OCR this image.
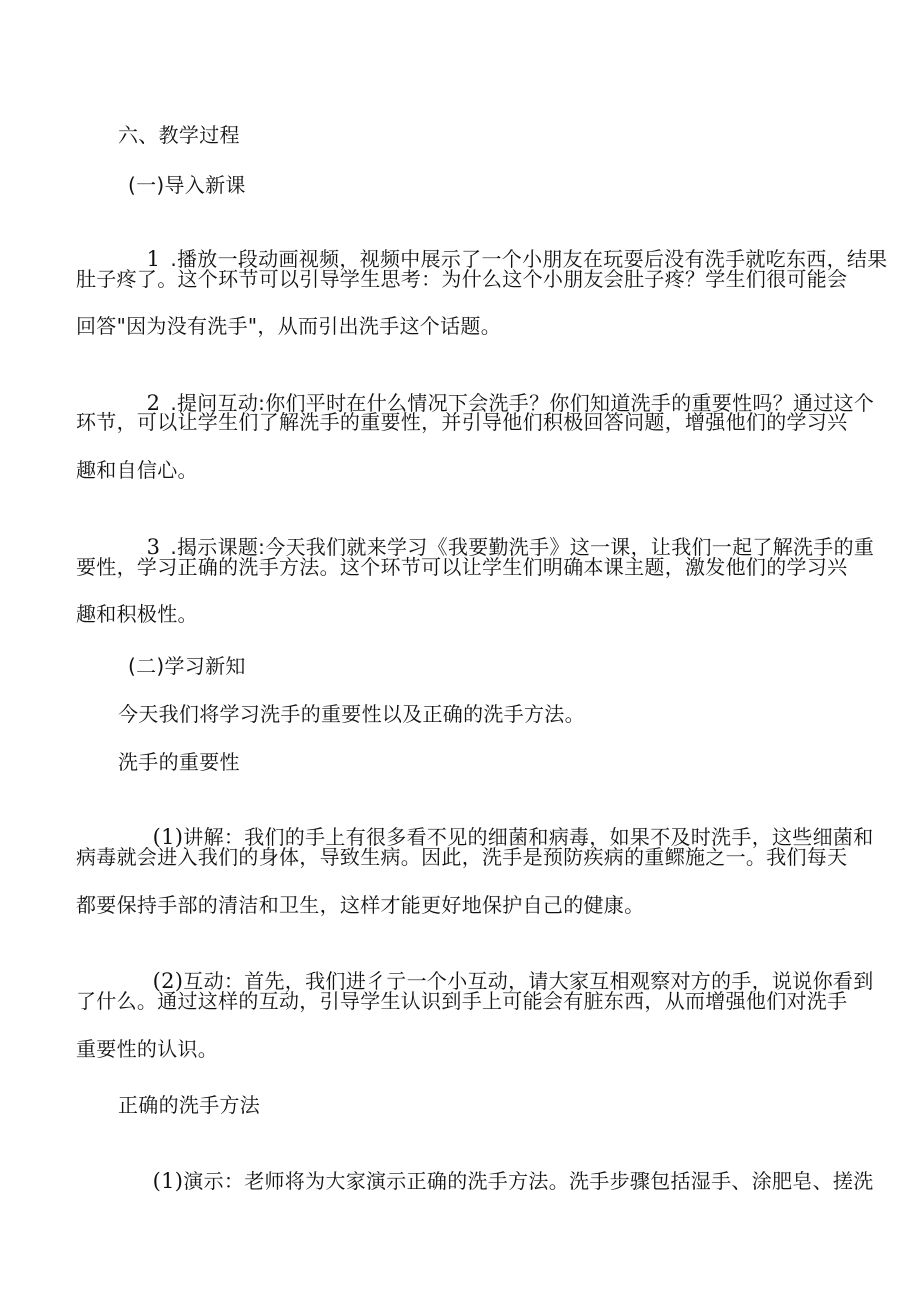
六、教学过程
(一)导入新课

1 .播放一段动画视频，视频中展示了一个小朋友在玩耍后没有洗手就吃东西，结果

肚子疼了。这个环节可以引导学生思考：为什么这个小朋友会肚子疼？学生们很可能会
回答"因为没有洗手"，从而引出洗手这个话题。

2 .提问互动:你们平时在什么情况下会洗手？你们知道洗手的重要性吗？通过这个

环节，可以让学生们了解洗手的重要性，并引导他们积极回答问题，增强他们的学习兴
趣和自信心。

3 .揭示课题:今天我们就来学习《我要勤洗手》这一课，让我们一起了解洗手的重

要性，学习正确的洗手方法。这个环节可以让学生们明确本课主题，激发他们的学习兴
趣和积极性。
(二)学习新知
今天我们将学习洗手的重要性以及正确的洗手方法。
洗手的重要性

(1)讲解：我们的手上有很多看不见的细菌和病毒，如果不及时洗手，这些细菌和

病毒就会进入我们的身体，导致生病。因此，洗手是预防疾病的重鳏施之一。我们每天
都要保持手部的清洁和卫生，这样才能更好地保护自己的健康。

(2)互动：首先，我们进彳亍一个小互动，请大家互相观察对方的手，说说你看到

了什么。通过这样的互动，引导学生认识到手上可能会有脏东西，从而增强他们对洗手
重要性的认识。
正确的洗手方法

(1)演示：老师将为大家演示正确的洗手方法。洗手步骤包括湿手、涂肥皂、搓洗
